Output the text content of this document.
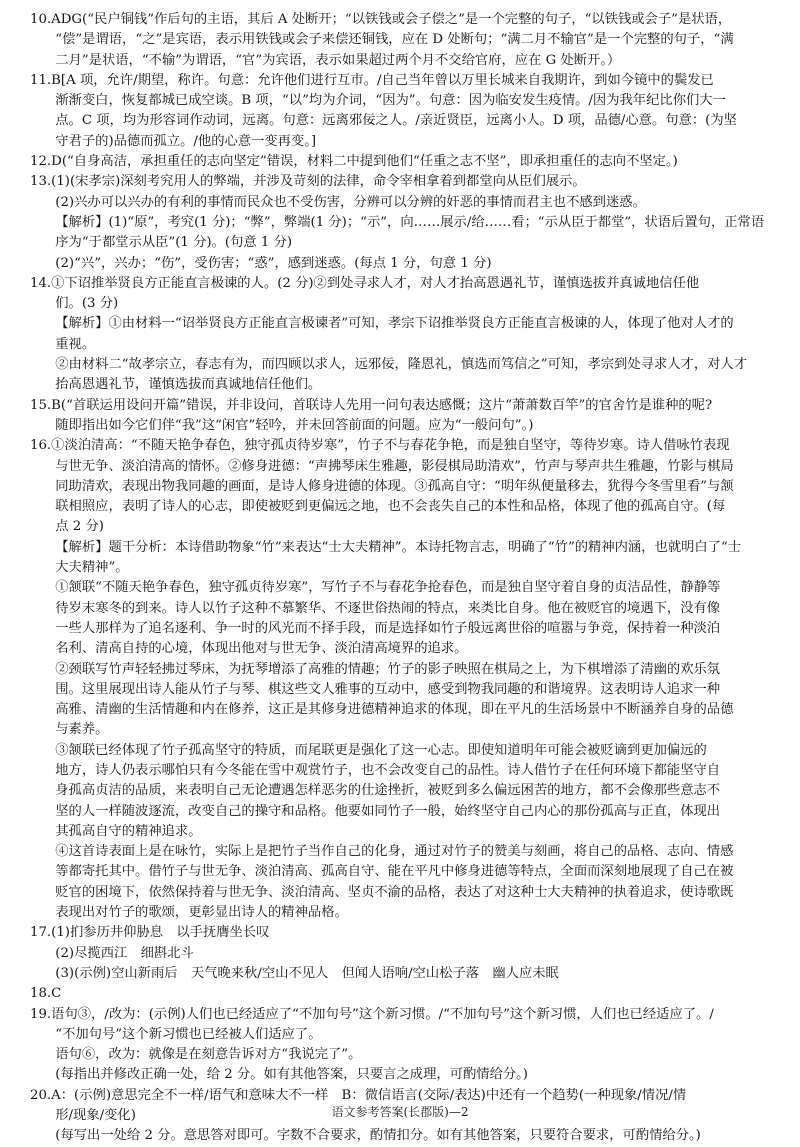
10.ADG(“民户铜钱”作后句的主语，其后 A 处断开；“以铁钱或会子偿之”是一个完整的句子，“以铁钱或会子”是状语，
“偿”是谓语，“之”是宾语，表示用铁钱或会子来偿还铜钱，应在 D 处断句；“满二月不输官”是一个完整的句子，“满
二月”是状语，“不输”为谓语，“官”为宾语，表示如果超过两个月不交给官府，应在 G 处断开。）
11.B[A 项，允许/期望，称许。句意：允许他们进行互市。/自己当年曾以万里长城来自我期许，到如今镜中的鬓发已
渐渐变白，恢复都城已成空谈。B 项，“以”均为介词，“因为”。句意：因为临安发生疫情。/因为我年纪比你们大一
点。C 项，均为形容词作动词，远离。句意：远离邪佞之人。/亲近贤臣，远离小人。D 项，品德/心意。句意：(为坚
守君子的)品德而孤立。/他的心意一变再变。]
12.D(“自身高洁，承担重任的志向坚定”错误，材料二中提到他们“任重之志不坚”，即承担重任的志向不坚定。)
13.(1)(宋孝宗)深刻考究用人的弊端，并涉及苛刻的法律，命令宰相拿着到都堂向从臣们展示。
(2)兴办可以兴办的有利的事情而民众也不受伤害，分辨可以分辨的奸恶的事情而君主也不感到迷惑。
【解析】(1)“原”，考究(1 分)；“弊”，弊端(1 分)；“示”，向……展示/给……看；“示从臣于都堂”，状语后置句，正常语
序为“于都堂示从臣”(1 分)。(句意 1 分)
(2)“兴”，兴办；“伤”，受伤害；“惑”，感到迷惑。(每点 1 分，句意 1 分)
14.①下诏推举贤良方正能直言极谏的人。(2 分)②到处寻求人才，对人才抬高恩遇礼节，谨慎选拔并真诚地信任他
们。(3 分)
【解析】①由材料一“诏举贤良方正能直言极谏者”可知，孝宗下诏推举贤良方正能直言极谏的人，体现了他对人才的
重视。
②由材料二“故孝宗立，春志有为，而四顾以求人，远邪佞，隆恩礼，慎选而笃信之”可知，孝宗到处寻求人才，对人才
抬高恩遇礼节，谨慎选拔而真诚地信任他们。
15.B(“首联运用设问开篇”错误，并非设问，首联诗人先用一问句表达感慨；这片“萧萧数百竿”的官舍竹是谁种的呢?
随即指出如今它们伴“我”这“闲官”轻吟，并未回答前面的问题。应为“一般问句”。)
16.①淡泊清高：“不随天艳争春色，独守孤贞待岁寒”，竹子不与春花争艳，而是独自坚守，等待岁寒。诗人借咏竹表现
与世无争、淡泊清高的情怀。②修身进德：“声拂琴床生雅趣，影侵棋局助清欢”，竹声与琴声共生雅趣，竹影与棋局
同助清欢，表现出物我同趣的画面，是诗人修身进德的体现。③孤高自守：“明年纵便量移去，犹得今冬雪里看”与颔
联相照应，表明了诗人的心志，即使被贬到更偏远之地，也不会丧失自己的本性和品格，体现了他的孤高自守。(每
点 2 分)
【解析】题干分析：本诗借助物象“竹”来表达“士大夫精神”。本诗托物言志，明确了“竹”的精神内涵，也就明白了“士
大夫精神”。
①颔联“不随天艳争春色，独守孤贞待岁寒”，写竹子不与春花争抢春色，而是独自坚守着自身的贞洁品性，静静等
待岁末寒冬的到来。诗人以竹子这种不慕繁华、不逐世俗热闹的特点，来类比自身。他在被贬官的境遇下，没有像
一些人那样为了追名逐利、争一时的风光而不择手段，而是选择如竹子般远离世俗的喧嚣与争竞，保持着一种淡泊
名利、清高自持的心境，体现出他对与世无争、淡泊清高境界的追求。
②颈联写竹声轻轻拂过琴床，为抚琴增添了高雅的情趣；竹子的影子映照在棋局之上，为下棋增添了清幽的欢乐氛
围。这里展现出诗人能从竹子与琴、棋这些文人雅事的互动中，感受到物我同趣的和谐境界。这表明诗人追求一种
高雅、清幽的生活情趣和内在修养，这正是其修身进德精神追求的体现，即在平凡的生活场景中不断涵养自身的品德
与素养。
③颔联已经体现了竹子孤高坚守的特质，而尾联更是强化了这一心志。即使知道明年可能会被贬谪到更加偏远的
地方，诗人仍表示哪怕只有今冬能在雪中观赏竹子，也不会改变自己的品性。诗人借竹子在任何环境下都能坚守自
身孤高贞洁的品质，来表明自己无论遭遇怎样恶劣的仕途挫折，被贬到多么偏远困苦的地方，都不会像那些意志不
坚的人一样随波逐流，改变自己的操守和品格。他要如同竹子一般，始终坚守自己内心的那份孤高与正直，体现出
其孤高自守的精神追求。
④这首诗表面上是在咏竹，实际上是把竹子当作自己的化身，通过对竹子的赞美与刻画，将自己的品格、志向、情感
等都寄托其中。借竹子与世无争、淡泊清高、孤高自守、能在平凡中修身进德等特点，全面而深刻地展现了自己在被
贬官的困境下，依然保持着与世无争、淡泊清高、坚贞不渝的品格，表达了对这种士大夫精神的执着追求，使诗歌既
表现出对竹子的歌颂，更彰显出诗人的精神品格。
17.(1)扪参历井仰胁息　以手抚膺坐长叹
(2)尽揽西江　细斟北斗
(3)(示例)空山新雨后　天气晚来秋/空山不见人　但闻人语响/空山松子落　幽人应未眠
18.C
19.语句③，/改为：(示例)人们也已经适应了“不加句号”这个新习惯。/“不加句号”这个新习惯，人们也已经适应了。/
“不加句号”这个新习惯也已经被人们适应了。
语句⑥，改为：就像是在刻意告诉对方“我说完了”。
(每指出并修改正确一处，给 2 分。如有其他答案，只要言之成理，可酌情给分。)
20.A：(示例)意思完全不一样/语气和意味大不一样　B：微信语言(交际/表达)中还有一个趋势(一种现象/情况/情
形/现象/变化)
(每写出一处给 2 分。意思答对即可。字数不合要求，酌情扣分。如有其他答案，只要符合要求，可酌情给分。)
语文参考答案(长郡版)—2
